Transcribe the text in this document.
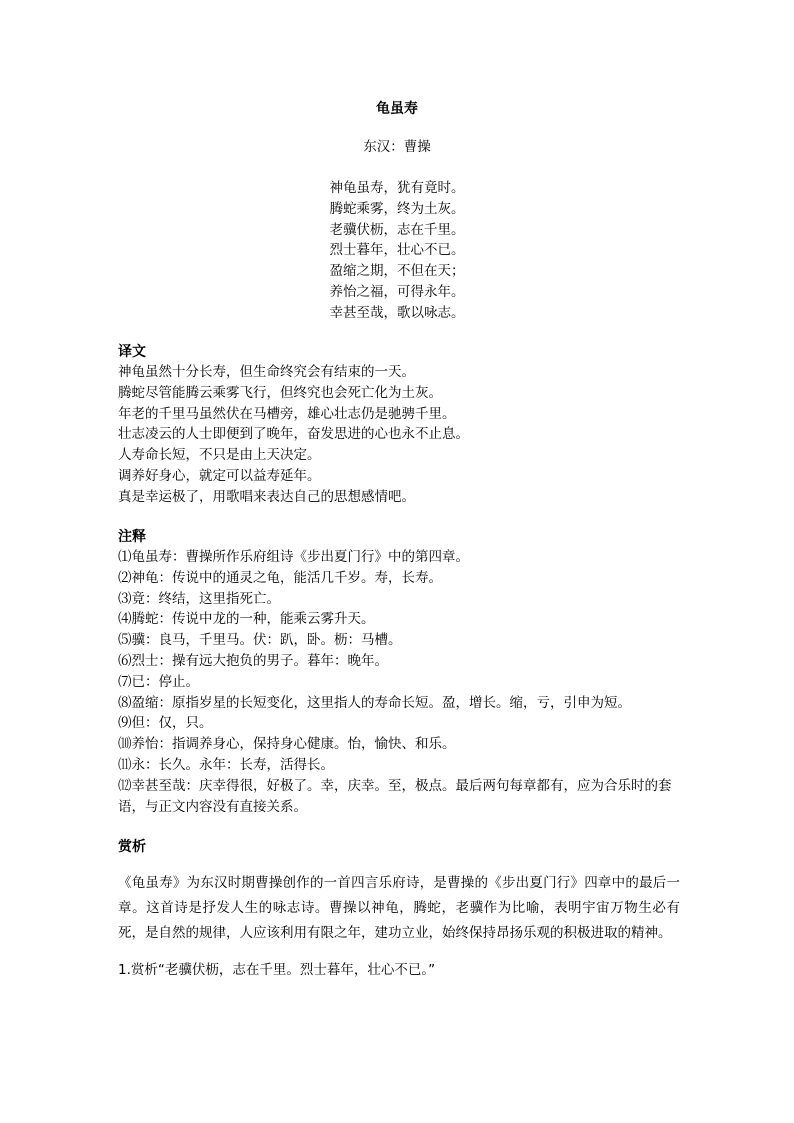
龟虽寿
东汉：曹操
神龟虽寿，犹有竟时。
腾蛇乘雾，终为土灰。
老骥伏枥，志在千里。
烈士暮年，壮心不已。
盈缩之期，不但在天；
养怡之福，可得永年。
幸甚至哉，歌以咏志。
译文
神龟虽然十分长寿，但生命终究会有结束的一天。
腾蛇尽管能腾云乘雾飞行，但终究也会死亡化为土灰。
年老的千里马虽然伏在马槽旁，雄心壮志仍是驰骋千里。
壮志凌云的人士即便到了晚年，奋发思进的心也永不止息。
人寿命长短，不只是由上天决定。
调养好身心，就定可以益寿延年。
真是幸运极了，用歌唱来表达自己的思想感情吧。
注释
⑴龟虽寿：曹操所作乐府组诗《步出夏门行》中的第四章。
⑵神龟：传说中的通灵之龟，能活几千岁。寿，长寿。
⑶竟：终结，这里指死亡。
⑷腾蛇：传说中龙的一种，能乘云雾升天。
⑸骥：良马，千里马。伏：趴，卧。枥：马槽。
⑹烈士：操有远大抱负的男子。暮年：晚年。
⑺已：停止。
⑻盈缩：原指岁星的长短变化，这里指人的寿命长短。盈，增长。缩，亏，引申为短。
⑼但：仅，只。
⑽养怡：指调养身心，保持身心健康。怡，愉快、和乐。
⑾永：长久。永年：长寿，活得长。
⑿幸甚至哉：庆幸得很，好极了。幸，庆幸。至，极点。最后两句每章都有，应为合乐时的套语，与正文内容没有直接关系。
赏析
《龟虽寿》为东汉时期曹操创作的一首四言乐府诗，是曹操的《步出夏门行》四章中的最后一章。这首诗是抒发人生的咏志诗。曹操以神龟，腾蛇，老骥作为比喻，表明宇宙万物生必有死，是自然的规律，人应该利用有限之年，建功立业，始终保持昂扬乐观的积极进取的精神。
1.赏析“老骥伏枥，志在千里。烈士暮年，壮心不已。”
